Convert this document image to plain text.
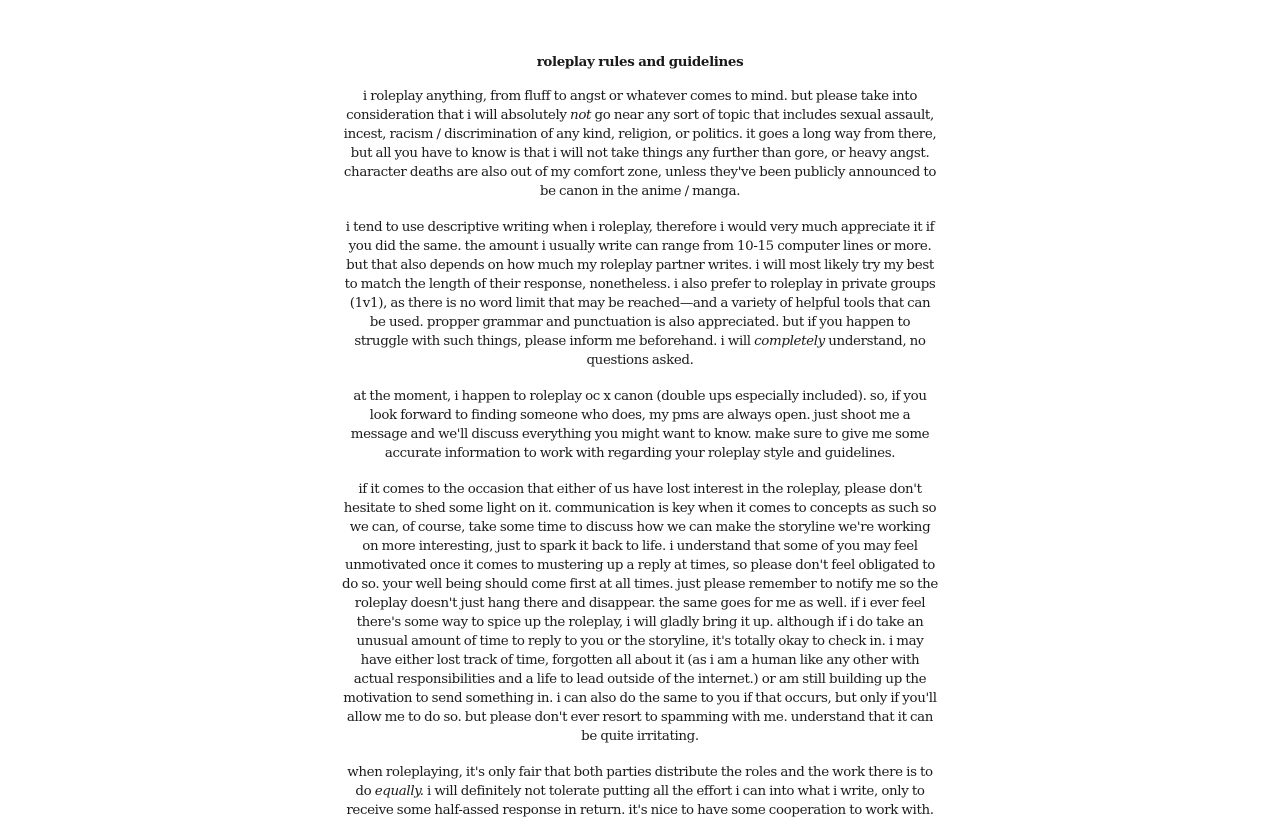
roleplay rules and guidelines

i roleplay anything, from fluff to angst or whatever comes to mind. but please take into consideration that i will absolutely not go near any sort of topic that includes sexual assault, incest, racism / discrimination of any kind, religion, or politics. it goes a long way from there, but all you have to know is that i will not take things any further than gore, or heavy angst. character deaths are also out of my comfort zone, unless they've been publicly announced to be canon in the anime / manga.

i tend to use descriptive writing when i roleplay, therefore i would very much appreciate it if you did the same. the amount i usually write can range from 10-15 computer lines or more. but that also depends on how much my roleplay partner writes. i will most likely try my best to match the length of their response, nonetheless. i also prefer to roleplay in private groups (1v1), as there is no word limit that may be reached—and a variety of helpful tools that can be used. propper grammar and punctuation is also appreciated. but if you happen to struggle with such things, please inform me beforehand. i will completely understand, no questions asked.

at the moment, i happen to roleplay oc x canon (double ups especially included). so, if you look forward to finding someone who does, my pms are always open. just shoot me a message and we'll discuss everything you might want to know. make sure to give me some accurate information to work with regarding your roleplay style and guidelines.

if it comes to the occasion that either of us have lost interest in the roleplay, please don't hesitate to shed some light on it. communication is key when it comes to concepts as such so we can, of course, take some time to discuss how we can make the storyline we're working on more interesting, just to spark it back to life. i understand that some of you may feel unmotivated once it comes to mustering up a reply at times, so please don't feel obligated to do so. your well being should come first at all times. just please remember to notify me so the roleplay doesn't just hang there and disappear. the same goes for me as well. if i ever feel there's some way to spice up the roleplay, i will gladly bring it up. although if i do take an unusual amount of time to reply to you or the storyline, it's totally okay to check in. i may have either lost track of time, forgotten all about it (as i am a human like any other with actual responsibilities and a life to lead outside of the internet.) or am still building up the motivation to send something in. i can also do the same to you if that occurs, but only if you'll allow me to do so. but please don't ever resort to spamming with me. understand that it can be quite irritating.

when roleplaying, it's only fair that both parties distribute the roles and the work there is to do equally. i will definitely not tolerate putting all the effort i can into what i write, only to receive some half-assed response in return. it's nice to have some cooperation to work with.
